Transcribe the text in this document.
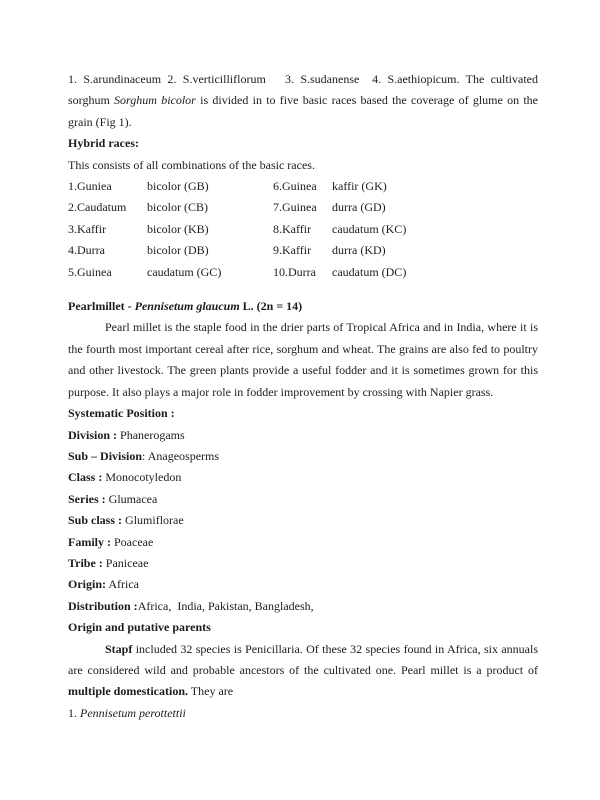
1. S.arundinaceum 2. S.verticilliflorum   3. S.sudanense  4. S.aethiopicum. The cultivated sorghum Sorghum bicolor is divided in to five basic races based the coverage of glume on the grain (Fig 1).
Hybrid races:
This consists of all combinations of the basic races.
1.Guniea	bicolor (GB)	6.Guinea	kaffir (GK)
2.Caudatum	bicolor (CB)	7.Guinea	durra (GD)
3.Kaffir	bicolor (KB)	8.Kaffir	caudatum (KC)
4.Durra	bicolor (DB)	9.Kaffir	durra (KD)
5.Guinea	caudatum (GC)	10.Durra	caudatum (DC)
Pearlmillet - Pennisetum glaucum L. (2n = 14)
Pearl millet is the staple food in the drier parts of Tropical Africa and in India, where it is the fourth most important cereal after rice, sorghum and wheat. The grains are also fed to poultry and other livestock. The green plants provide a useful fodder and it is sometimes grown for this purpose. It also plays a major role in fodder improvement by crossing with Napier grass.
Systematic Position :
Division : Phanerogams
Sub – Division: Anageosperms
Class : Monocotyledon
Series : Glumacea
Sub class : Glumiflorae
Family : Poaceae
Tribe : Paniceae
Origin: Africa
Distribution :Africa,  India, Pakistan, Bangladesh,
Origin and putative parents
Stapf included 32 species is Penicillaria. Of these 32 species found in Africa, six annuals are considered wild and probable ancestors of the cultivated one. Pearl millet is a product of multiple domestication. They are
1. Pennisetum perottettii
